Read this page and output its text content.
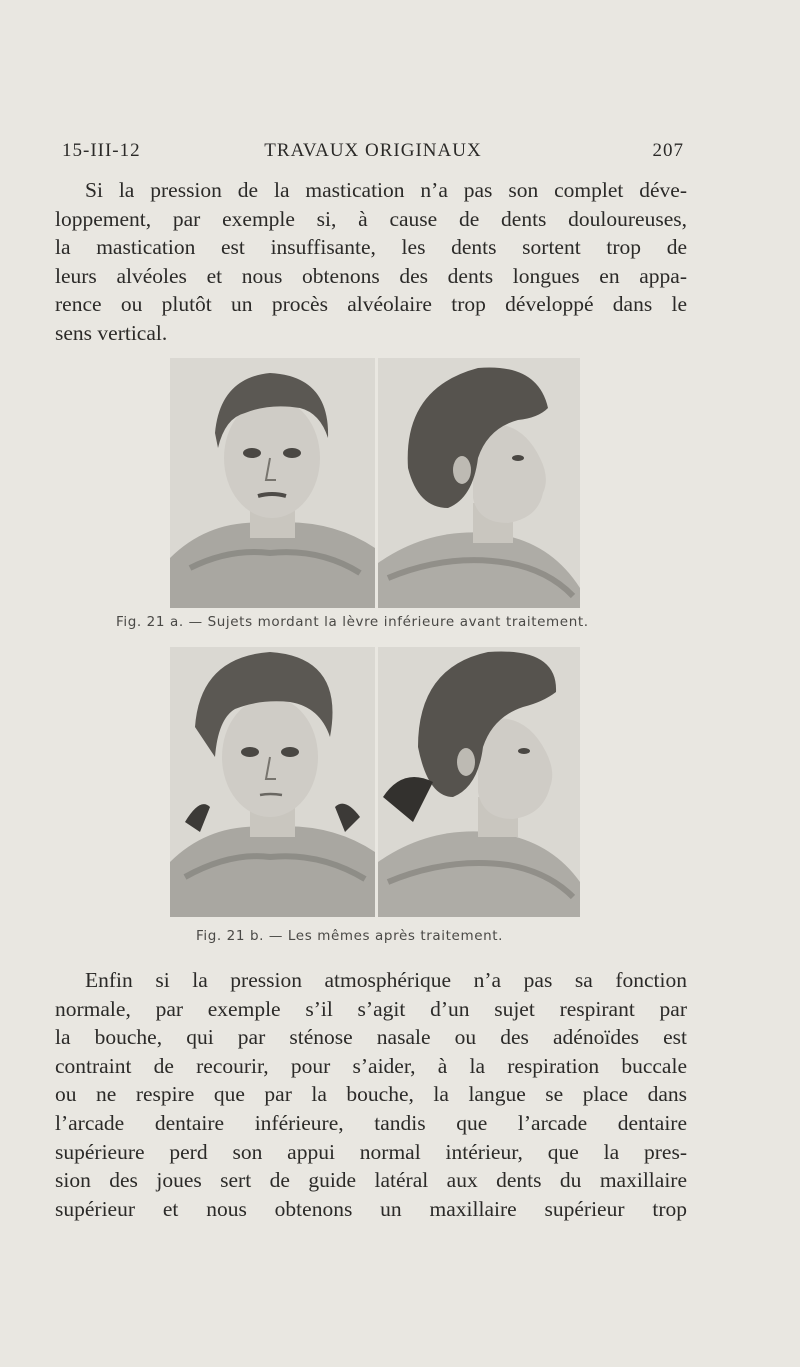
15-III-12	TRAVAUX ORIGINAUX	207
Si la pression de la mastication n’a pas son complet déve-
loppement, par exemple si, à cause de dents douloureuses,
la mastication est insuffisante, les dents sortent trop de
leurs alvéoles et nous obtenons des dents longues en appa-
rence ou plutôt un procès alvéolaire trop développé dans le
sens vertical.
Fig. 21 a. — Sujets mordant la lèvre inférieure avant traitement.
Fig. 21 b. — Les mêmes après traitement.
Enfin si la pression atmosphérique n’a pas sa fonction
normale, par exemple s’il s’agit d’un sujet respirant par
la bouche, qui par sténose nasale ou des adénoïdes est
contraint de recourir, pour s’aider, à la respiration buccale
ou ne respire que par la bouche, la langue se place dans
l’arcade dentaire inférieure, tandis que l’arcade dentaire
supérieure perd son appui normal intérieur, que la pres-
sion des joues sert de guide latéral aux dents du maxillaire
supérieur et nous obtenons un maxillaire supérieur trop
